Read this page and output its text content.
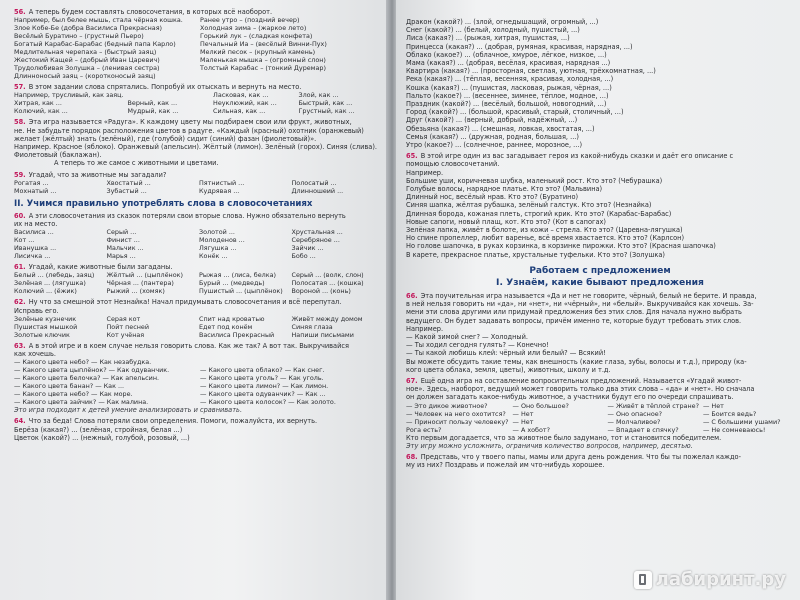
56. А теперь будем составлять словосочетания, в которых всё наоборот.
Например, был белее мышь, стала чёрная кошка.	Ранее утро – (поздний вечер)
Злое Кобе-Бе (добра Василиса Прекрасная)	Холодная зима – (жаркое лето)
Весёлый Буратино – (грустный Пьеро)	Горький лук – (сладкая конфета)
Богатый Карабас-Барабас (бедный папа Карло)	Печальный Иа – (весёлый Винни-Пух)
Медлительная черепаха – (быстрый заяц)	Мелкий песок – (крупный камень)
Жестокий Кащей – (добрый Иван Царевич)	Маленькая мышка – (огромный слон)
Трудолюбивая Золушка – (ленивая сестра)	Толстый Карабас – (тонкий Дуремар)
Длинноносый заяц – (коротконосый заяц)
57. В этом задании слова спрятались. Попробуй их отыскать и вернуть на место.
Например, трусливый, как заяц.	Ласковая, как ...	Злой, как ...
Хитрая, как ...	Верный, как ...	Неуклюжий, как ...	Быстрый, как ...
Колючий, как ...	Мудрый, как ...	Сильная, как ...	Грустный, как ...
58. Эта игра называется «Радуга». К каждому цвету мы подбираем свои или фрукт, животных,
не. Не забудьте порядок расположения цветов в радуге. «Каждый (красный) охотник (оранжевый)
желает (жёлтый) знать (зелёный), где (голубой) сидит (синий) фазан (фиолетовый)».
Например. Красное (яблоко). Оранжевый (апельсин). Жёлтый (лимон). Зелёный (горох). Синяя (слива).
Фиолетовый (баклажан).
А теперь то же самое с животными и цветами.
59. Угадай, что за животные мы загадали?
Рогатая ...	Хвостатый ...	Пятнистый ...	Полосатый ...
Мохнатый ...	Зубастый ...	Кудрявая ...	Длинношеий ...
II. Учимся правильно употреблять слова в словосочетаниях
60. А эти словосочетания из сказок потеряли свои вторые слова. Нужно обязательно вернуть
их на место.
Василиса ...	Серый ...	Золотой ...	Хрустальная ...
Кот ...	Финист ...	Молоденов ...	Серебряное ...
Иванушка ...	Мальчик ...	Лягушка ...	Зайчик ...
Лисичка ...	Марья ...	Конёк ...	Бобо ...
61. Угадай, какие животные были загаданы.
Белый ... (лебедь, заяц)	Жёлтый ... (цыплёнок)	Рыжая ... (лиса, белка)	Серый ... (волк, слон)
Зелёная ... (лягушка)	Чёрная ... (пантера)	Бурый ... (медведь)	Полосатая ... (кошка)
Колючий ... (ёжик)	Рыжий ... (хомяк)	Пушистый ... (цыплёнок)	Вороной ... (конь)
62. Ну что за смешной этот Незнайка! Начал придумывать словосочетания и всё перепутал.
Исправь его.
Зелёные кузнечик	Серая кот	Спит над кроватью	Живёт между домом
Пушистая мышкой	Пойт песней	Едет под конём	Синяя глаза
Золотые ключик	Кот учёная	Василиса Прекрасный	Напиши письмами
63. А в этой игре и в коем случае нельзя говорить слова. Как же так? А вот так. Выкручивайся
как хочешь.
— Какого цвета небо? — Как незабудка.
— Какого цвета цыплёнок? — Как одуванчик.	— Какого цвета облако? — Как снег.
— Какого цвета белочка? — Как апельсин.	— Какого цвета уголь? — Как уголь.
— Какого цвета банан? — Как ...	— Какого цвета лимон? — Как лимон.
— Какого цвета небо? — Как море.	— Какого цвета одуванчик? — Как ...
— Какого цвета зайчик? — Как малина.	— Какого цвета колосок? — Как золото.
Это игра подходит к детей умение анализировать и сравнивать.
64. Что за беда! Слова потеряли свои определения. Помоги, пожалуйста, их вернуть.
Берёза (какая?) ... (зелёная, стройная, белая ...)
Цветок (какой?) ... (нежный, голубой, розовый, ...)
Дракон (какой?) ... (злой, огнедышащий, огромный, ...)
Снег (какой?) ... (белый, холодный, пушистый, ...)
Лиса (какая?) ... (рыжая, хитрая, пушистая, ...)
Принцесса (какая?) ... (добрая, румяная, красивая, нарядная, ...)
Облако (какое?) ... (облачное, хмурое, лёгкое, низкое, ...)
Мама (какая?) ... (добрая, весёлая, красивая, нарядная ...)
Квартира (какая?) ... (просторная, светлая, уютная, трёхкомнатная, ...)
Река (какая?) ... (тёплая, весенняя, красивая, холодная, ...)
Кошка (какая?) ... (пушистая, ласковая, рыжая, чёрная, ...)
Пальто (какое?) ... (весеннее, зимнее, тёплое, модное, ...)
Праздник (какой?) ... (весёлый, большой, новогодний, ...)
Город (какой?) ... (большой, красивый, старый, столичный, ...)
Друг (какой?) ... (верный, добрый, надёжный, ...)
Обезьяна (какая?) ... (смешная, ловкая, хвостатая, ...)
Семья (какая?) ... (дружная, родная, большая, ...)
Утро (какое?) ... (солнечное, раннее, морозное, ...)
65. В этой игре один из вас загадывает героя из какой-нибудь сказки и даёт его описание с
помощью словосочетаний.
Например.
Большие уши, коричневая шубка, маленький рост. Кто это? (Чебурашка)
Голубые волосы, нарядное платье. Кто это? (Мальвина)
Длинный нос, весёлый нрав. Кто это? (Буратино)
Синяя шапка, жёлтая рубашка, зелёный галстук. Кто это? (Незнайка)
Длинная борода, кожаная плеть, строгий крик. Кто это? (Карабас-Барабас)
Новые сапоги, новый плащ, кот. Кто это? (Кот в сапогах)
Зелёная лапка, живёт в болоте, из кожи – стрела. Кто это? (Царевна-лягушка)
Но спине пропеллер, любит варенье, всё время хвастается. Кто это? (Карлсон)
Но голове шапочка, в руках корзинка, в корзинке пирожки. Кто это? (Красная шапочка)
В карете, прекрасное платье, хрустальные туфельки. Кто это? (Золушка)
Работаем с предложением
I. Узнаём, какие бывают предложения
66. Эта поучительная игра называется «Да и нет не говорите, чёрный, белый не берите. И правда,
в ней нельзя говорить ни «да», ни «нет», ни «чёрный», ни «белый». Выкручивайся как хочешь. За-
мени эти слова другими или придумай предложения без этих слов. Для начала нужно выбрать
ведущего. Он будет задавать вопросы, причём именно те, которые будут требовать этих слов.
Например.
— Какой зимой снег? — Холодный.
— Ты ходил сегодня гулять? — Конечно!
— Ты какой любишь клей: чёрный или белый? — Всякий!
Вы можете обсудить такие темы, как внешность (какие глаза, зубы, волосы и т.д.), природу (ка-
кого цвета облака, земля, цветы), животных, школу и т.д.
67. Ещё одна игра на составление вопросительных предложений. Называется «Угадай живот-
ное». Здесь, наоборот, ведущий может говорить только два этих слова – «да» и «нет». Но сначала
он должен загадать какое-нибудь животное, а участники будут его по очереди спрашивать.
— Это дикое животное?	— Оно большое?	— Живёт в тёплой стране? — Нет
— Человек на него охотится?	— Нет	— Оно опасное?	— Боится ведь?
— Приносит пользу человеку? — Нет	— Молчаливое?	— С большими ушами?
Рога есть?	— А хобот?	— Впадает в спячку?	— Не сомневаюсь!
Кто первым догадается, что за животное было задумано, тот и становится победителем.
Эту игру можно усложнить, ограничив количество вопросов, например, десятью.
68. Представь, что у твоего папы, мамы или друга день рождения. Что бы ты пожелал каждо-
му из них? Поздравь и пожелай им что-нибудь хорошее.
лабиринт.ру
